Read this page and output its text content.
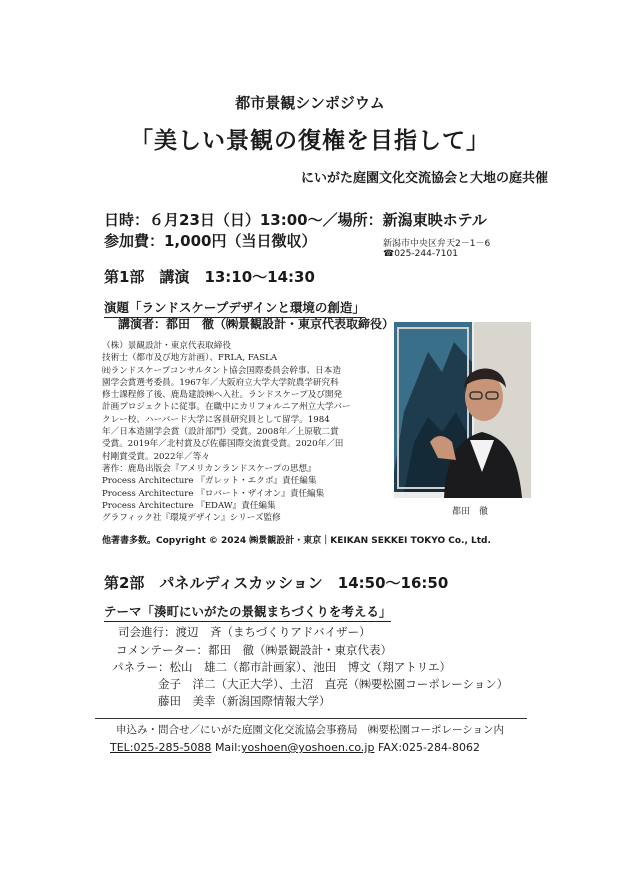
都市景観シンポジウム
「美しい景観の復権を目指して」
にいがた庭園文化交流協会と大地の庭共催
日時：６月23日（日）13:00～／場所：新潟東映ホテル
参加費：1,000円（当日徴収）	新潟市中央区弁天2－1－6
☎025-244-7101
第1部　講演　13:10～14:30
演題「ランドスケープデザインと環境の創造」
講演者：都田　徹（㈱景観設計・東京代表取締役）
（株）景観設計・東京代表取締役
技術士（都市及び地方計画）、FRLA, FASLA
㈳ランドスケープコンサルタント協会国際委員会幹事、日本造
園学会賞選考委員。1967年／大阪府立大学大学院農学研究科
修士課程修了後、鹿島建設㈱へ入社。ランドスケープ及び開発
計画プロジェクトに従事。在職中にカリフォルニア州立大学バー
クレー校、ハーバード大学に客員研究員として留学。1984
年／日本造園学会賞（設計部門）受賞。2008年／上原敬二賞
受賞。2019年／北村賞及び佐藤国際交流賞受賞。2020年／田
村剛賞受賞。2022年／等々
著作：鹿島出版会『アメリカンランドスケープの思想』
Process Architecture 『ガレット・エクボ』責任編集
Process Architecture 『ロバート・ザイオン』責任編集
Process Architecture 『EDAW』責任編集
グラフィック社『環境デザイン』シリーズ監修
他著書多数。Copyright © 2024 ㈱景観設計・東京｜KEIKAN SEKKEI TOKYO Co., Ltd.
都田　徹
第2部　パネルディスカッション　14:50～16:50
テーマ「湊町にいがたの景観まちづくりを考える」
司会進行：渡辺　斉（まちづくりアドバイザー）
コメンテーター：都田　徹（㈱景観設計・東京代表）
パネラー：松山　雄二（都市計画家）、池田　博文（翔アトリエ）
金子　洋二（大正大学）、土沼　直亮（㈱要松園コーポレーション）
藤田　美幸（新潟国際情報大学）
申込み・問合せ／にいがた庭園文化交流協会事務局　㈱要松園コーポレーション内
TEL:025-285-5088 Mail:yoshoen@yoshoen.co.jp FAX:025-284-8062
